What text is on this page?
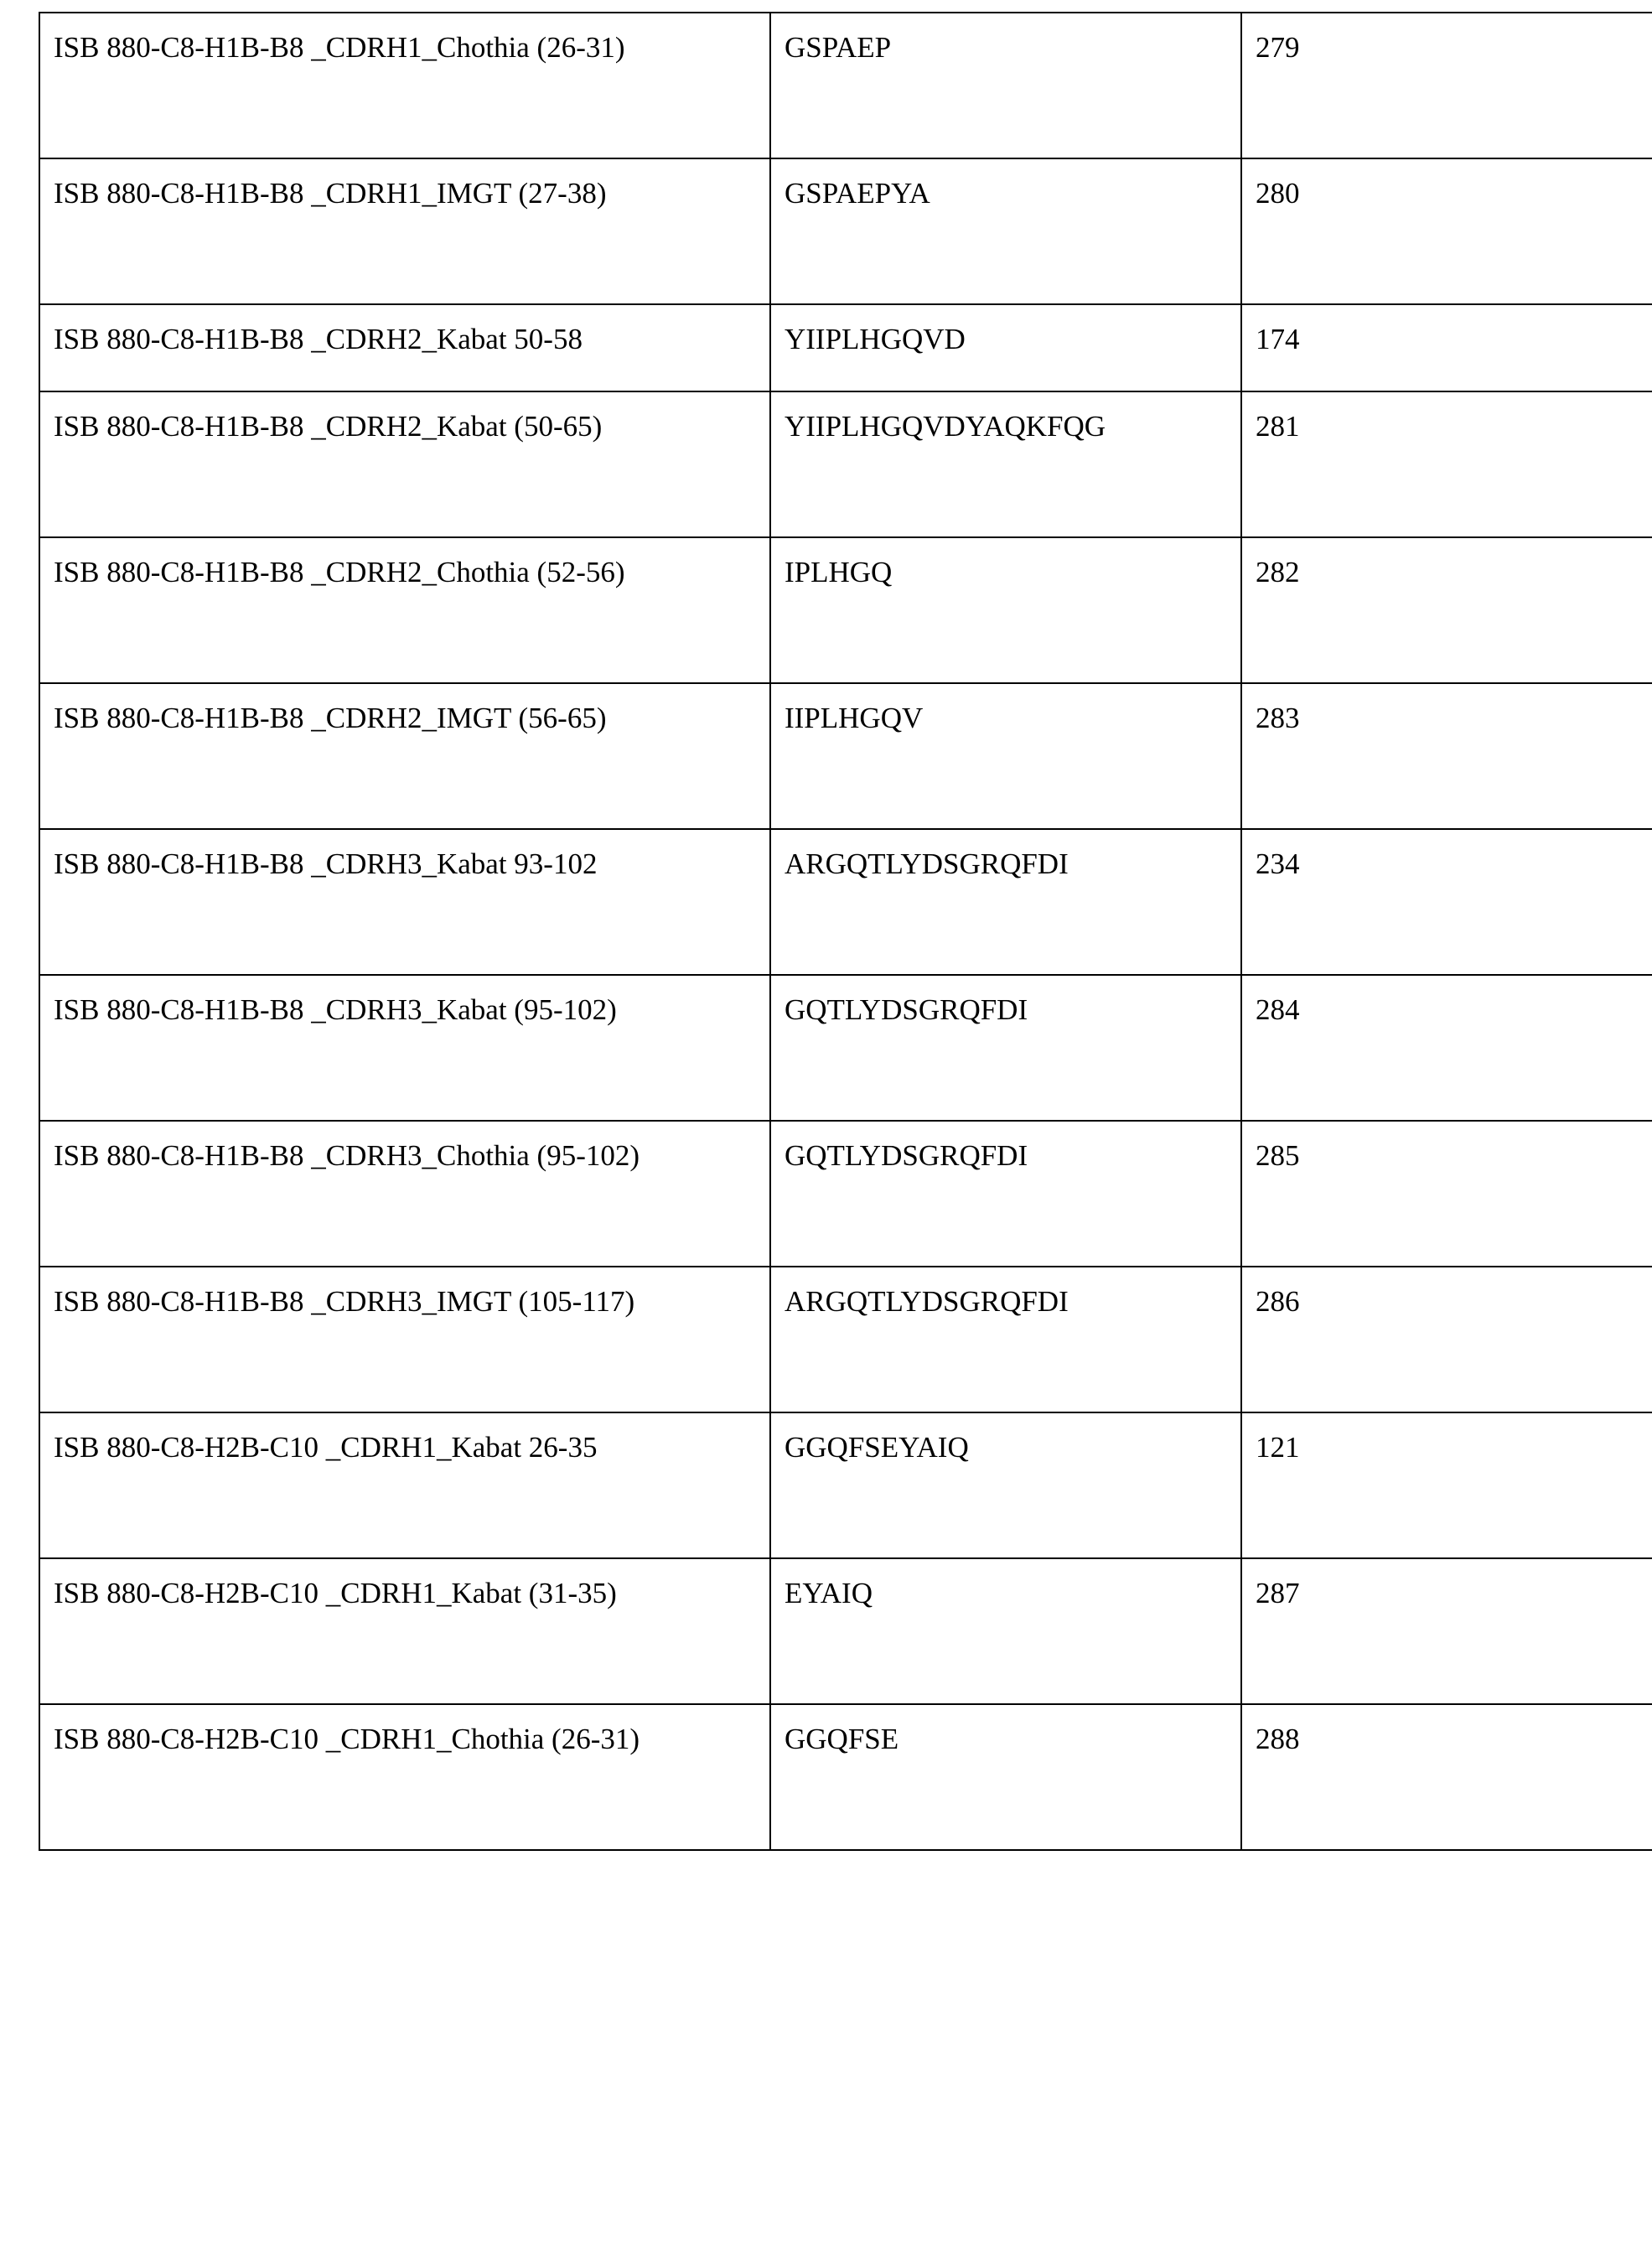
ISB 880-C8-H1B-B8 _CDRH1_Chothia (26-31)	GSPAEP	279
ISB 880-C8-H1B-B8 _CDRH1_IMGT (27-38)	GSPAEPYA	280
ISB 880-C8-H1B-B8 _CDRH2_Kabat 50-58	YIIPLHGQVD	174
ISB 880-C8-H1B-B8 _CDRH2_Kabat (50-65)	YIIPLHGQVDYAQKFQG	281
ISB 880-C8-H1B-B8 _CDRH2_Chothia (52-56)	IPLHGQ	282
ISB 880-C8-H1B-B8 _CDRH2_IMGT (56-65)	IIPLHGQV	283
ISB 880-C8-H1B-B8 _CDRH3_Kabat 93-102	ARGQTLYDSGRQFDI	234
ISB 880-C8-H1B-B8 _CDRH3_Kabat (95-102)	GQTLYDSGRQFDI	284
ISB 880-C8-H1B-B8 _CDRH3_Chothia (95-102)	GQTLYDSGRQFDI	285
ISB 880-C8-H1B-B8 _CDRH3_IMGT (105-117)	ARGQTLYDSGRQFDI	286
ISB 880-C8-H2B-C10 _CDRH1_Kabat 26-35	GGQFSEYAIQ	121
ISB 880-C8-H2B-C10 _CDRH1_Kabat (31-35)	EYAIQ	287
ISB 880-C8-H2B-C10 _CDRH1_Chothia (26-31)	GGQFSE	288
